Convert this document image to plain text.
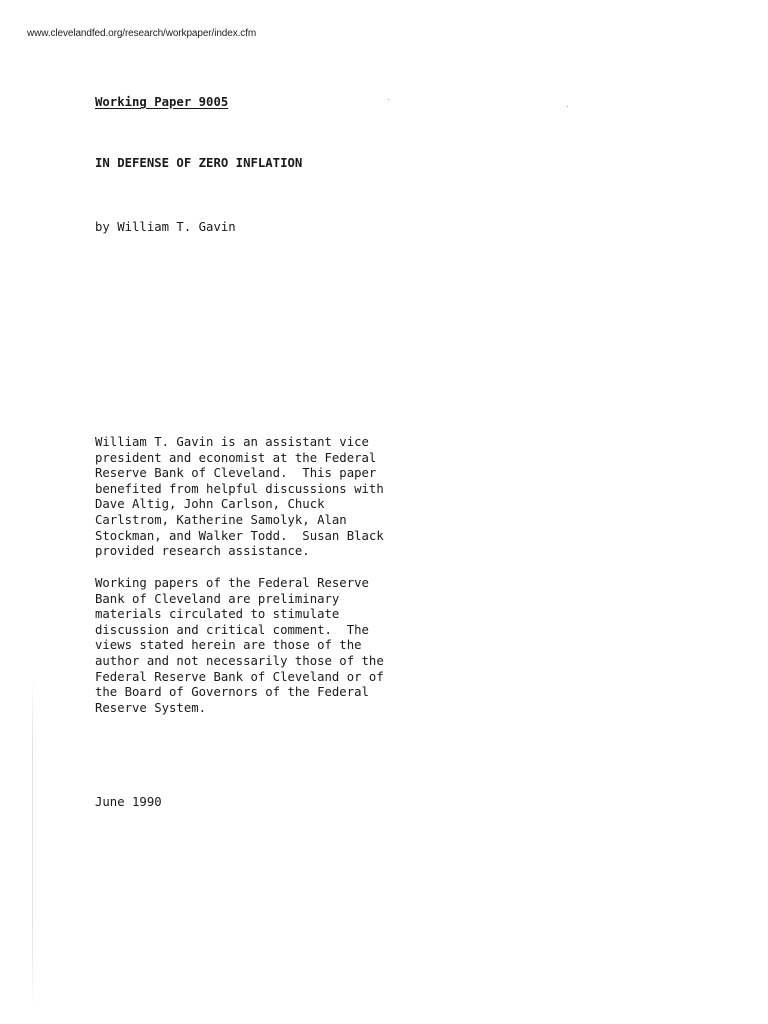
www.clevelandfed.org/research/workpaper/index.cfm
Working Paper 9005
IN DEFENSE OF ZERO INFLATION
by William T. Gavin
William T. Gavin is an assistant vice
president and economist at the Federal
Reserve Bank of Cleveland.  This paper
benefited from helpful discussions with
Dave Altig, John Carlson, Chuck
Carlstrom, Katherine Samolyk, Alan
Stockman, and Walker Todd.  Susan Black
provided research assistance.
Working papers of the Federal Reserve
Bank of Cleveland are preliminary
materials circulated to stimulate
discussion and critical comment.  The
views stated herein are those of the
author and not necessarily those of the
Federal Reserve Bank of Cleveland or of
the Board of Governors of the Federal
Reserve System.
June 1990
